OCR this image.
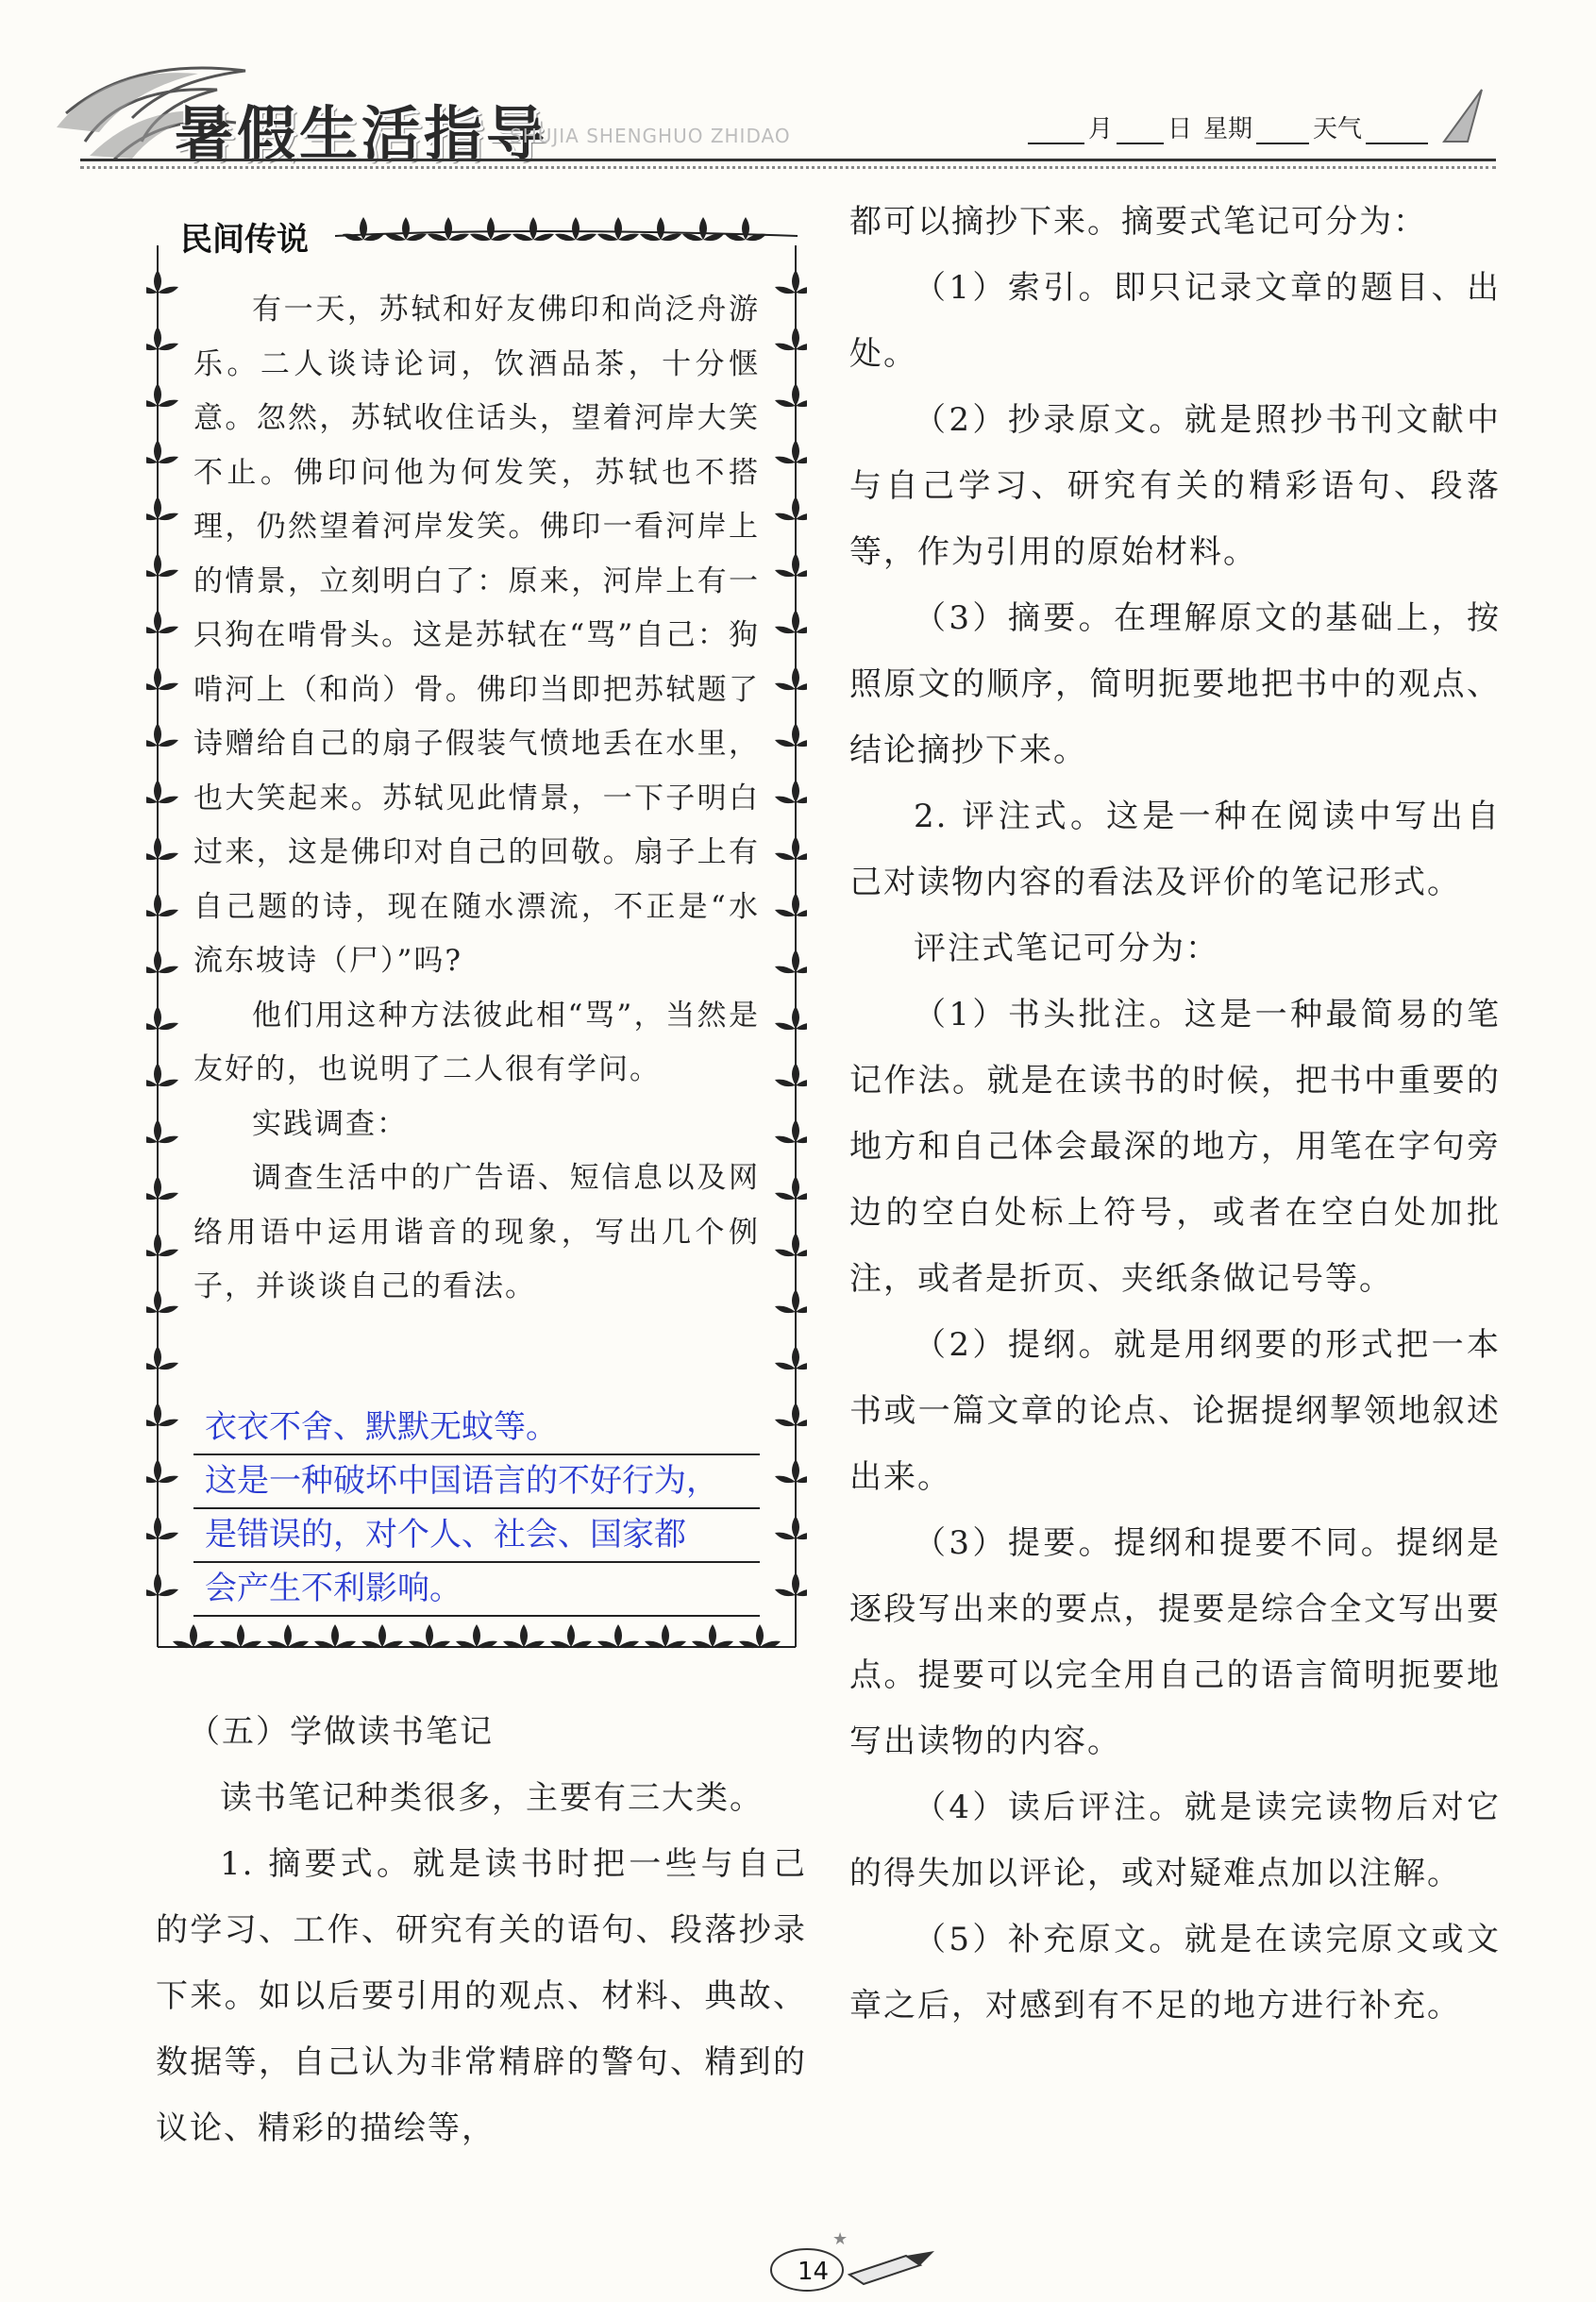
暑假生活指导
SHUJIA SHENGHUO ZHIDAO	月 日 星期 天气
民间传说

有一天，苏轼和好友佛印和尚泛舟游乐。二人谈诗论词，饮酒品茶，十分惬意。忽然，苏轼收住话头，望着河岸大笑不止。佛印问他为何发笑，苏轼也不搭理，仍然望着河岸发笑。佛印一看河岸上的情景，立刻明白了：原来，河岸上有一只狗在啃骨头。这是苏轼在“骂”自己：狗啃河上（和尚）骨。佛印当即把苏轼题了诗赠给自己的扇子假装气愤地丢在水里，也大笑起来。苏轼见此情景，一下子明白过来，这是佛印对自己的回敬。扇子上有自己题的诗，现在随水漂流，不正是“水流东坡诗（尸）”吗?

他们用这种方法彼此相“骂”，当然是友好的，也说明了二人很有学问。

实践调查：

调查生活中的广告语、短信息以及网络用语中运用谐音的现象，写出几个例子，并谈谈自己的看法。

衣衣不舍、默默无蚊等。
这是一种破坏中国语言的不好行为，
是错误的，对个人、社会、国家都
会产生不利影响。

（五）学做读书笔记

读书笔记种类很多，主要有三大类。

1. 摘要式。就是读书时把一些与自己的学习、工作、研究有关的语句、段落抄录下来。如以后要引用的观点、材料、典故、数据等，自己认为非常精辟的警句、精到的议论、精彩的描绘等，

都可以摘抄下来。摘要式笔记可分为：

（1）索引。即只记录文章的题目、出处。

（2）抄录原文。就是照抄书刊文献中与自己学习、研究有关的精彩语句、段落等，作为引用的原始材料。

（3）摘要。在理解原文的基础上，按照原文的顺序，简明扼要地把书中的观点、结论摘抄下来。

2. 评注式。这是一种在阅读中写出自己对读物内容的看法及评价的笔记形式。

评注式笔记可分为：

（1）书头批注。这是一种最简易的笔记作法。就是在读书的时候，把书中重要的地方和自己体会最深的地方，用笔在字句旁边的空白处标上符号，或者在空白处加批注，或者是折页、夹纸条做记号等。

（2）提纲。就是用纲要的形式把一本书或一篇文章的论点、论据提纲挈领地叙述出来。

（3）提要。提纲和提要不同。提纲是逐段写出来的要点，提要是综合全文写出要点。提要可以完全用自己的语言简明扼要地写出读物的内容。

（4）读后评注。就是读完读物后对它的得失加以评论，或对疑难点加以注解。

（5）补充原文。就是在读完原文或文章之后，对感到有不足的地方进行补充。

★
14
